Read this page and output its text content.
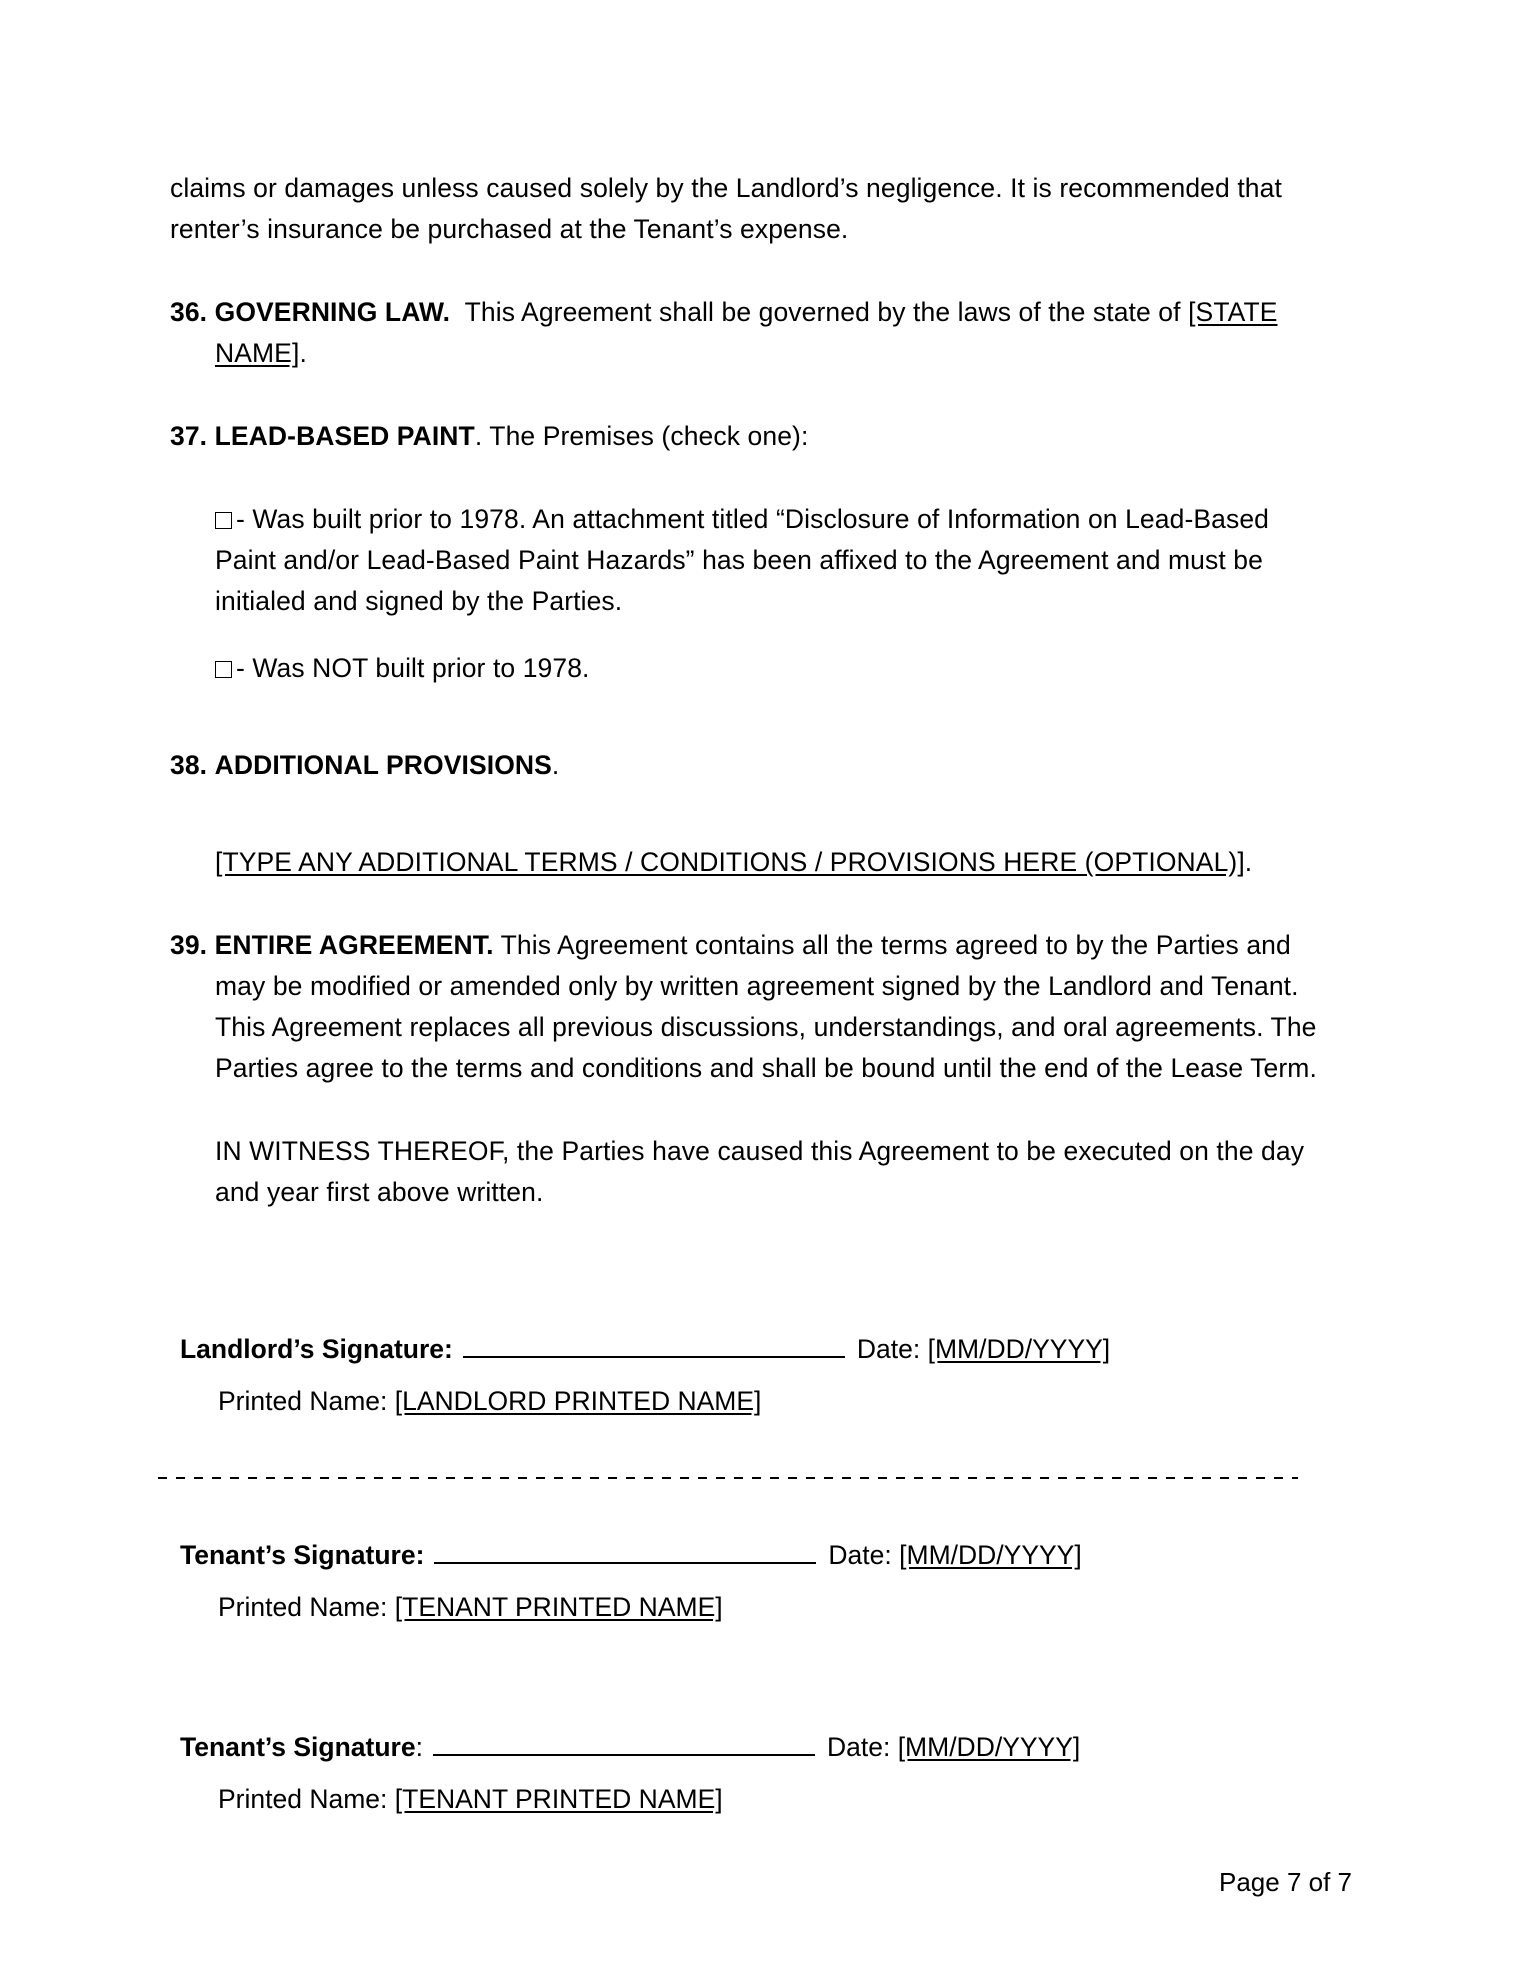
claims or damages unless caused solely by the Landlord’s negligence. It is recommended that renter’s insurance be purchased at the Tenant’s expense.

36. GOVERNING LAW. This Agreement shall be governed by the laws of the state of [STATE NAME].

37. LEAD-BASED PAINT. The Premises (check one):

- Was built prior to 1978. An attachment titled “Disclosure of Information on Lead-Based Paint and/or Lead-Based Paint Hazards” has been affixed to the Agreement and must be initialed and signed by the Parties.

- Was NOT built prior to 1978.

38. ADDITIONAL PROVISIONS.

[TYPE ANY ADDITIONAL TERMS / CONDITIONS / PROVISIONS HERE (OPTIONAL)].

39. ENTIRE AGREEMENT. This Agreement contains all the terms agreed to by the Parties and may be modified or amended only by written agreement signed by the Landlord and Tenant. This Agreement replaces all previous discussions, understandings, and oral agreements. The Parties agree to the terms and conditions and shall be bound until the end of the Lease Term.

IN WITNESS THEREOF, the Parties have caused this Agreement to be executed on the day and year first above written.

Landlord’s Signature :	Date:
[MM/DD/YYYY]
Printed Name: [LANDLORD PRINTED NAME]
Tenant’s Signature :	Date:
[MM/DD/YYYY]
Printed Name: [TENANT PRINTED NAME]
Tenant’s Signature :	Date:
[MM/DD/YYYY]
Printed Name: [TENANT PRINTED NAME]
Page 7 of 7
